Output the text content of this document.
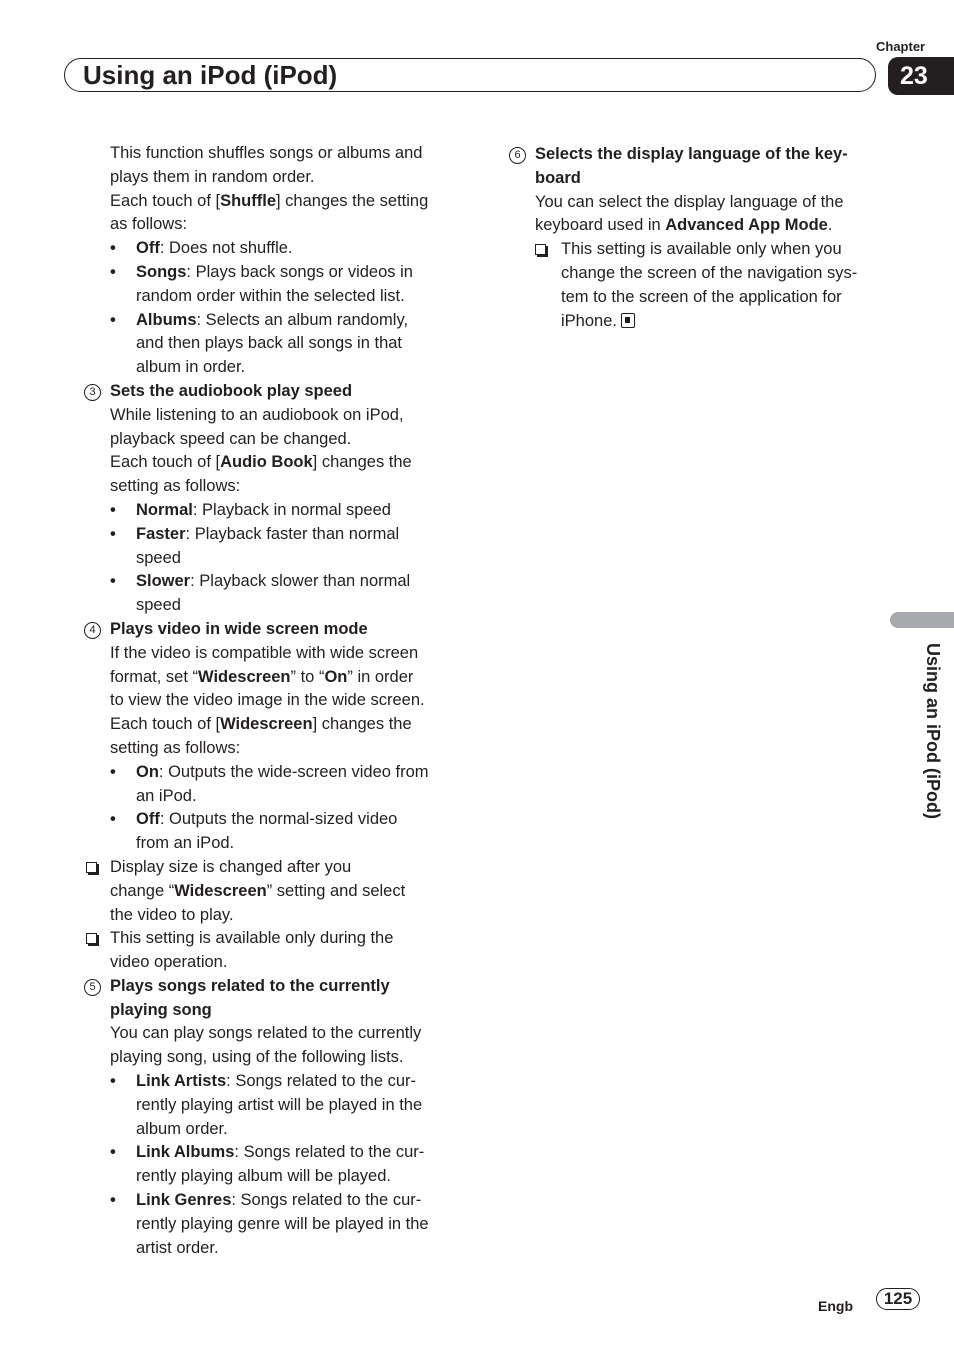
Chapter
23
Using an iPod (iPod)
Using an iPod (iPod)
This function shuffles songs or albums and
plays them in random order.
Each touch of [Shuffle] changes the setting
as follows:
• Off: Does not shuffle.
• Songs: Plays back songs or videos in
random order within the selected list.
• Albums: Selects an album randomly,
and then plays back all songs in that
album in order.
3 Sets the audiobook play speed
While listening to an audiobook on iPod,
playback speed can be changed.
Each touch of [Audio Book] changes the
setting as follows:
• Normal: Playback in normal speed
• Faster: Playback faster than normal
speed
• Slower: Playback slower than normal
speed
4 Plays video in wide screen mode
If the video is compatible with wide screen
format, set “Widescreen” to “On” in order
to view the video image in the wide screen.
Each touch of [Widescreen] changes the
setting as follows:
• On: Outputs the wide-screen video from
an iPod.
• Off: Outputs the normal-sized video
from an iPod.
Display size is changed after you
change “Widescreen” setting and select
the video to play.
This setting is available only during the
video operation.
5 Plays songs related to the currently
playing song
You can play songs related to the currently
playing song, using of the following lists.
• Link Artists: Songs related to the cur-
rently playing artist will be played in the
album order.
• Link Albums: Songs related to the cur-
rently playing album will be played.
• Link Genres: Songs related to the cur-
rently playing genre will be played in the
artist order.
6 Selects the display language of the key-
board
You can select the display language of the
keyboard used in Advanced App Mode.
This setting is available only when you
change the screen of the navigation sys-
tem to the screen of the application for
iPhone.
Engb	125
